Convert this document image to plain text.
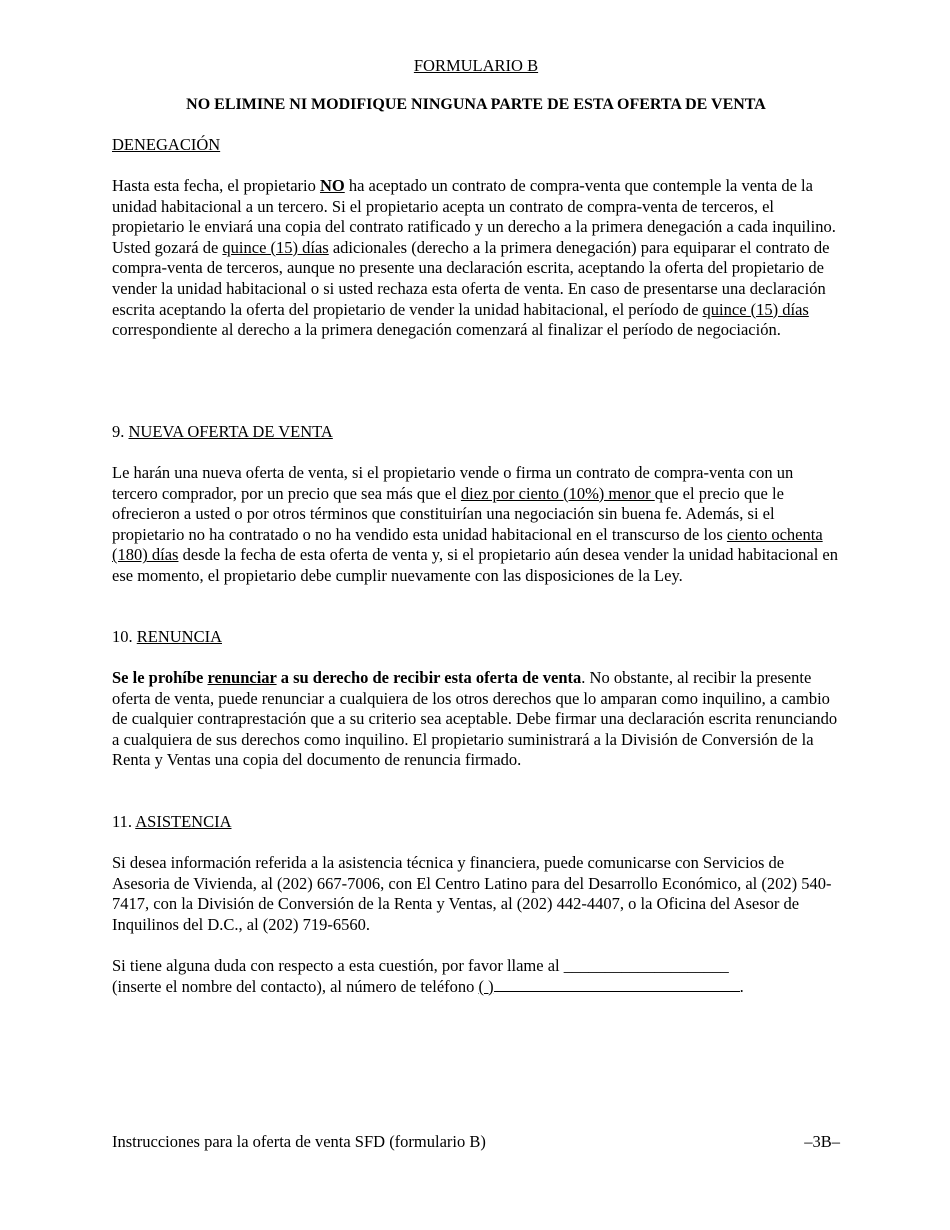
FORMULARIO B
NO ELIMINE NI MODIFIQUE NINGUNA PARTE DE ESTA OFERTA DE VENTA
DENEGACIÓN

Hasta esta fecha, el propietario NO ha aceptado un contrato de compra-venta que contemple la venta de la unidad habitacional a un tercero. Si el propietario acepta un contrato de compra-venta de terceros, el propietario le enviará una copia del contrato ratificado y un derecho a la primera denegación a cada inquilino. Usted gozará de quince (15) días adicionales (derecho a la primera denegación) para equiparar el contrato de compra-venta de terceros, aunque no presente una declaración escrita, aceptando la oferta del propietario de vender la unidad habitacional o si usted rechaza esta oferta de venta. En caso de presentarse una declaración escrita aceptando la oferta del propietario de vender la unidad habitacional, el período de quince (15) días correspondiente al derecho a la primera denegación comenzará al finalizar el período de negociación.

9. NUEVA OFERTA DE VENTA

Le harán una nueva oferta de venta, si el propietario vende o firma un contrato de compra-venta con un tercero comprador, por un precio que sea más que el diez por ciento (10%) menor que el precio que le ofrecieron a usted o por otros términos que constituirían una negociación sin buena fe. Además, si el propietario no ha contratado o no ha vendido esta unidad habitacional en el transcurso de los ciento ochenta (180) días desde la fecha de esta oferta de venta y, si el propietario aún desea vender la unidad habitacional en ese momento, el propietario debe cumplir nuevamente con las disposiciones de la Ley.

10. RENUNCIA

Se le prohíbe renunciar a su derecho de recibir esta oferta de venta. No obstante, al recibir la presente oferta de venta, puede renunciar a cualquiera de los otros derechos que lo amparan como inquilino, a cambio de cualquier contraprestación que a su criterio sea aceptable. Debe firmar una declaración escrita renunciando a cualquiera de sus derechos como inquilino. El propietario suministrará a la División de Conversión de la Renta y Ventas una copia del documento de renuncia firmado.

11. ASISTENCIA

Si desea información referida a la asistencia técnica y financiera, puede comunicarse con Servicios de Asesoria de Vivienda, al (202) 667-7006, con El Centro Latino para del Desarrollo Económico, al (202) 540-7417, con la División de Conversión de la Renta y Ventas, al (202) 442-4407, o la Oficina del Asesor de Inquilinos del D.C., al (202) 719-6560.

Si tiene alguna duda con respecto a esta cuestión, por favor llame al ____________________
(inserte el nombre del contacto), al número de teléfono ( )	.

Instrucciones para la oferta de venta SFD (formulario B)	–3B–
